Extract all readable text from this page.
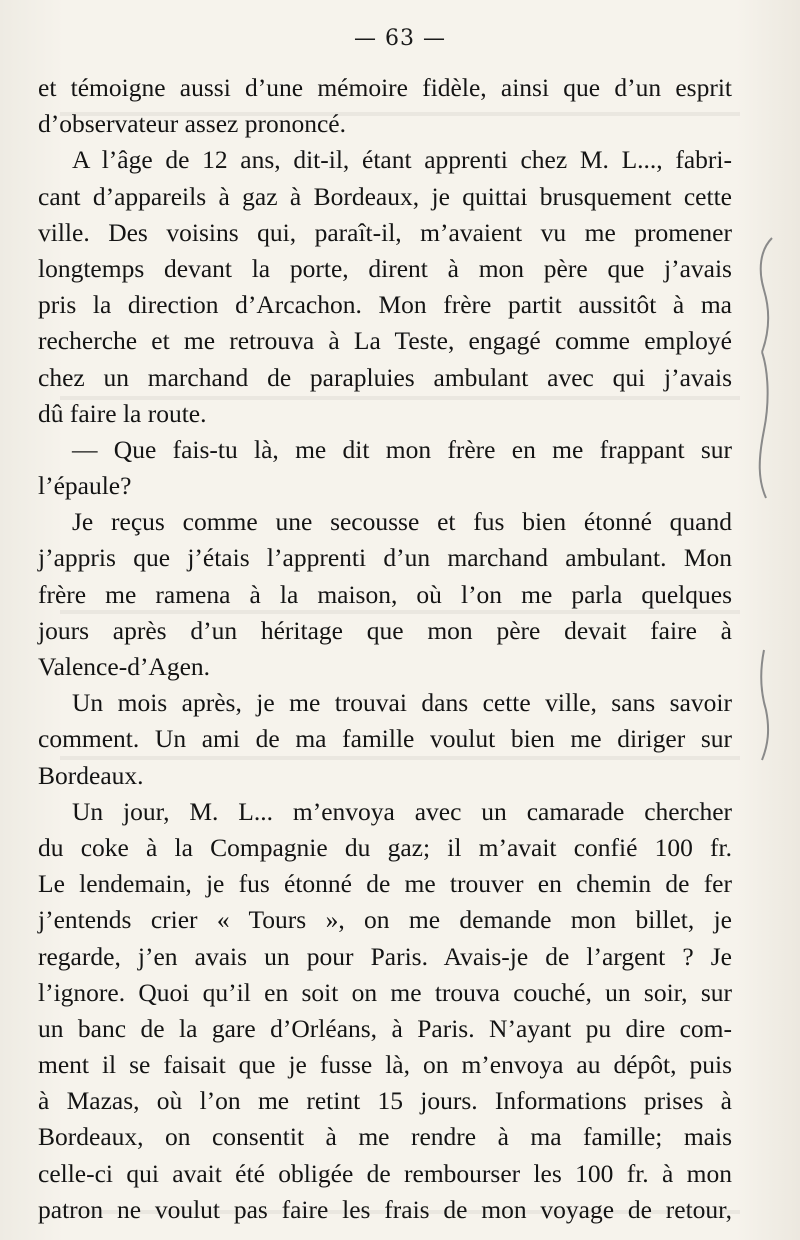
— 63 —
et témoigne aussi d’une mémoire fidèle, ainsi que d’un esprit
d’observateur assez prononcé.
A l’âge de 12 ans, dit-il, étant apprenti chez M. L..., fabri-
cant d’appareils à gaz à Bordeaux, je quittai brusquement cette
ville. Des voisins qui, paraît-il, m’avaient vu me promener
longtemps devant la porte, dirent à mon père que j’avais
pris la direction d’Arcachon. Mon frère partit aussitôt à ma
recherche et me retrouva à La Teste, engagé comme employé
chez un marchand de parapluies ambulant avec qui j’avais
dû faire la route.
— Que fais-tu là, me dit mon frère en me frappant sur
l’épaule?
Je reçus comme une secousse et fus bien étonné quand
j’appris que j’étais l’apprenti d’un marchand ambulant. Mon
frère me ramena à la maison, où l’on me parla quelques
jours après d’un héritage que mon père devait faire à
Valence-d’Agen.
Un mois après, je me trouvai dans cette ville, sans savoir
comment. Un ami de ma famille voulut bien me diriger sur
Bordeaux.
Un jour, M. L... m’envoya avec un camarade chercher
du coke à la Compagnie du gaz; il m’avait confié 100 fr.
Le lendemain, je fus étonné de me trouver en chemin de fer
j’entends crier « Tours », on me demande mon billet, je
regarde, j’en avais un pour Paris. Avais-je de l’argent ? Je
l’ignore. Quoi qu’il en soit on me trouva couché, un soir, sur
un banc de la gare d’Orléans, à Paris. N’ayant pu dire com-
ment il se faisait que je fusse là, on m’envoya au dépôt, puis
à Mazas, où l’on me retint 15 jours. Informations prises à
Bordeaux, on consentit à me rendre à ma famille; mais
celle-ci qui avait été obligée de rembourser les 100 fr. à mon
patron ne voulut pas faire les frais de mon voyage de retour,
